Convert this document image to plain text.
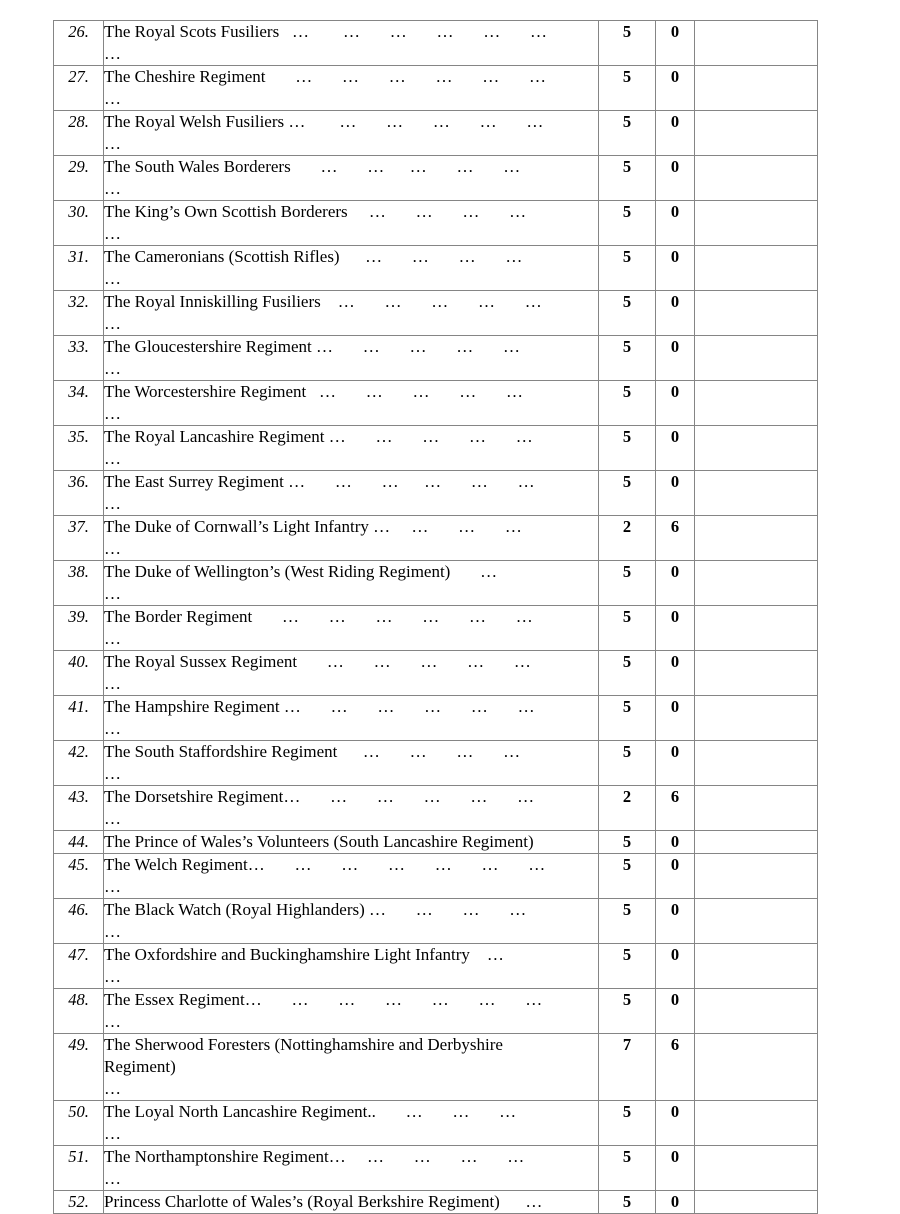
26.	The Royal Scots Fusiliers   …        …       …       …       …       …
…	5	0	
27.	The Cheshire Regiment       …       …       …       …       …       …
…	5	0	
28.	The Royal Welsh Fusiliers …        …       …       …       …       …
…	5	0	
29.	The South Wales Borderers       …       …      …       …       …
…	5	0	
30.	The King’s Own Scottish Borderers     …       …       …       …
…	5	0	
31.	The Cameronians (Scottish Rifles)      …       …       …       …
…	5	0	
32.	The Royal Inniskilling Fusiliers    …       …       …       …       …
…	5	0	
33.	The Gloucestershire Regiment …       …       …       …       …
…	5	0	
34.	The Worcestershire Regiment   …       …       …       …       …
…	5	0	
35.	The Royal Lancashire Regiment …       …       …       …       …
…	5	0	
36.	The East Surrey Regiment …       …       …      …       …       …
…	5	0	
37.	The Duke of Cornwall’s Light Infantry …     …       …       …
…	2	6	
38.	The Duke of Wellington’s (West Riding Regiment)       …
…	5	0	
39.	The Border Regiment       …       …       …       …       …       …
…	5	0	
40.	The Royal Sussex Regiment       …       …       …       …       …
…	5	0	
41.	The Hampshire Regiment …       …       …       …       …       …
…	5	0	
42.	The South Staffordshire Regiment      …       …       …       …
…	5	0	
43.	The Dorsetshire Regiment…       …       …       …       …       …
…	2	6	
44.	The Prince of Wales’s Volunteers (South Lancashire Regiment)	5	0	
45.	The Welch Regiment…       …       …       …       …       …       …
…	5	0	
46.	The Black Watch (Royal Highlanders) …       …       …       …
…	5	0	
47.	The Oxfordshire and Buckinghamshire Light Infantry    …
…	5	0	
48.	The Essex Regiment…       …       …       …       …       …       …
…	5	0	
49.	The Sherwood Foresters (Nottinghamshire and Derbyshire
Regiment)
…	7	6	
50.	The Loyal North Lancashire Regiment..       …       …       …
…	5	0	
51.	The Northamptonshire Regiment…     …       …       …       …
…	5	0	
52.	Princess Charlotte of Wales’s (Royal Berkshire Regiment)      …	5	0	
